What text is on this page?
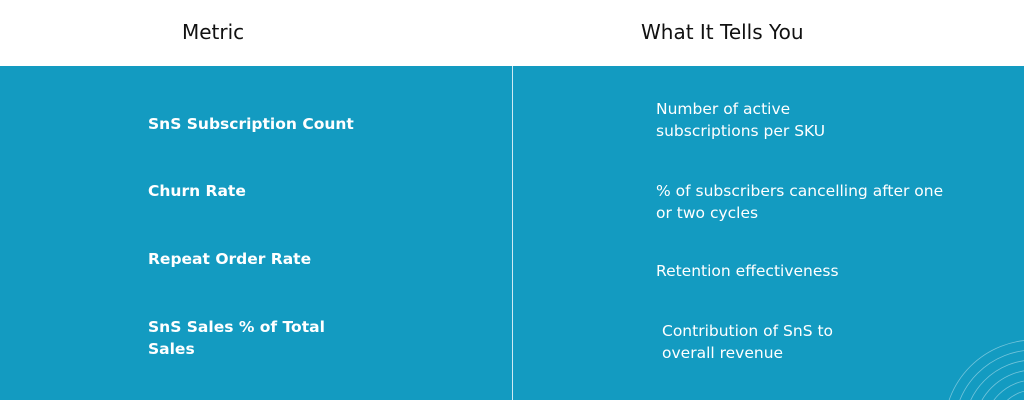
Metric	What It Tells You
SnS Subscription Count
Number of active subscriptions per SKU
Churn Rate	% of subscribers cancelling after one or two cycles
Repeat Order Rate
Retention effectiveness
SnS Sales % of Total Sales
Contribution of SnS to overall revenue
